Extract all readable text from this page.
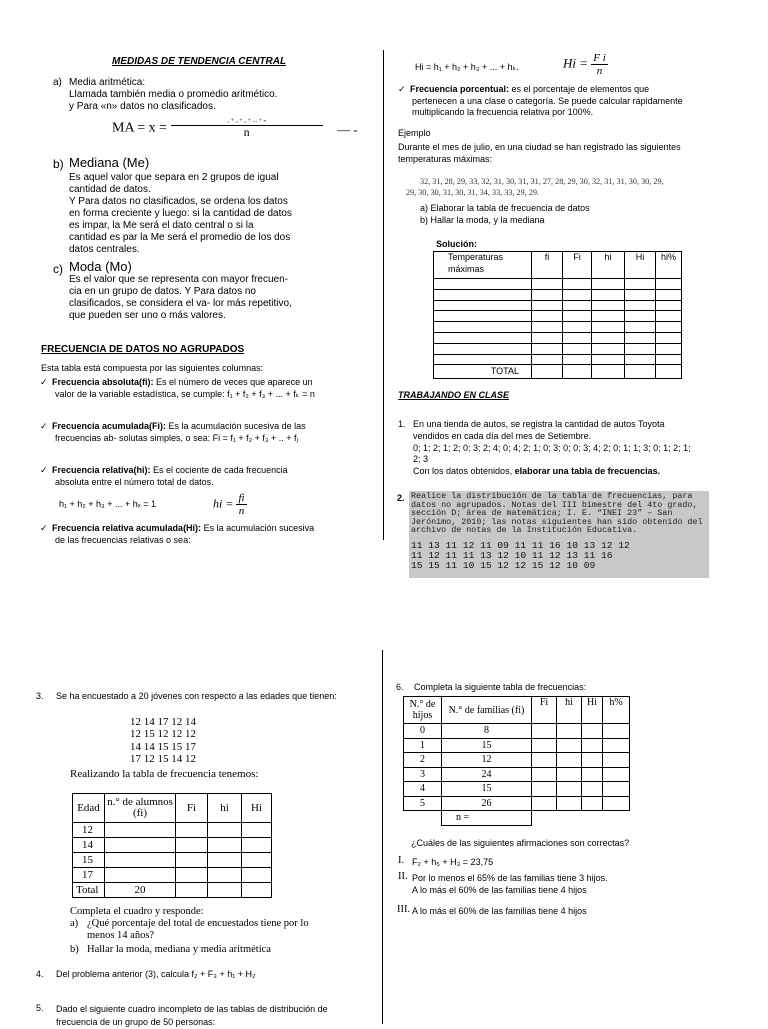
MEDIDAS DE TENDENCIA CENTRAL
a) Media aritmética:
Llamada también media o promedio aritmético.
y Para «n» datos no clasificados.
MA = $x = \frac{\text{₁ + ₂ + ₃ + ... + ₙ}}{n}$ — -
b) Mediana (Me)
Es aquel valor que separa en 2 grupos de igual
cantidad de datos.
Y Para datos no clasificados, se ordena los datos
en forma creciente y luego: si la cantidad de datos
es impar, la Me será el dato central o si la
cantidad es par la Me será el promedio de los dos
datos centrales.
c) Moda (Mo)
Es el valor que se representa con mayor frecuen-
cia en un grupo de datos. Y Para datos no
clasificados, se considera el va- lor más repetitivo,
que pueden ser uno o más valores.
FRECUENCIA DE DATOS NO AGRUPADOS
Esta tabla está compuesta por las siguientes columnas:
✓ Frecuencia absoluta(fi): Es el número de veces que aparece un
valor de la variable estadística, se cumple: f₁ + f₂ + f₃ + ... + fₖ = n
✓ Frecuencia acumulada(Fi): Es la acumulación sucesiva de las
frecuencias ab- solutas simples, o sea: Fi = f₁ + f₂ + f₃ + .. + fⱼ
✓ Frecuencia relativa(hi): Es el cociente de cada frecuencia
absoluta entre el número total de datos.
h₁ + h₂ + h₃ + ... + hₓ = 1	hi = $\frac{fi}{n}$
✓ Frecuencia relativa acumulada(Hi): Es la acumulación sucesiva
de las frecuencias relativas o sea:
Hi = h₁ + h₂ + h₃ + ... + hₖ.	$Hi = \frac{\text{F i}}{n}$
✓ Frecuencia porcentual: es el porcentaje de elementos que
pertenecen a una clase o categoría. Se puede calcular rápidamente
multiplicando la frecuencia relativa por 100%.
Ejemplo
Durante el mes de julio, en una ciudad se han registrado las siguientes
temperaturas máximas:
32, 31, 28, 29, 33, 32, 31, 30, 31, 31, 27, 28, 29, 30, 32, 31, 31, 30, 30, 29,
29, 30, 30, 31, 30, 31, 34, 33, 33, 29, 29.
a) Elaborar la tabla de frecuencia de datos
b) Hallar la moda, y la mediana
Solución:
Temperaturas máximas	fi	Fi	hi	Hi	hi%

TOTAL					
TRABAJANDO EN CLASE
1. En una tienda de autos, se registra la cantidad de autos Toyota
vendidos en cada día del mes de Setiembre.
0; 1; 2; 1; 2; 0; 3; 2; 4; 0; 4; 2; 1; 0; 3; 0; 0; 3; 4; 2; 0; 1; 1; 3; 0; 1; 2; 1;
2; 3
Con los datos obtenidos, elaborar una tabla de frecuencias.
2. Realice la distribución de la tabla de frecuencias, para
datos no agrupados. Notas del III bimestre del 4to grado,
sección D; área de matemática; I. E. “INEI 23” – San
Jerónimo, 2010; las notas siguientes han sido obtenido del
archivo de notas de la Institución Educativa.
11 13 11 12 11 09 11 11 16 10 13 12 12
11 12 11 11 13 12 10 11 12 13 11 16
15 15 11 10 15 12 12 15 12 10 09
3. Se ha encuestado a 20 jóvenes con respecto a las edades que tienen:
12 14 17 12 14
12 15 12 12 12
14 14 15 15 17
17 12 15 14 12
Realizando la tabla de frecuencia tenemos:
Edad	n.° de alumnos (fi)	Fi	hi	Hi
12				
14				
15				
17				
Total	20			
Completa el cuadro y responde:
a) ¿Qué porcentaje del total de encuestados tiene por lo
menos 14 años?
b) Hallar la moda, mediana y media aritmética
4. Del problema anterior (3), calcula f₂ + F₃ + h₁ + H₂
5. Dado el siguiente cuadro incompleto de las tablas de distribución de
frecuencia de un grupo de 50 personas:
6. Completa la siguiente tabla de frecuencias:
N.° de hijos	N.° de familias (fi)	Fi	hi	Hi	h%
0	8				
1	15				
2	12				
3	24				
4	15				
5	26				
	n =				
¿Cuáles de las siguientes afirmaciones son correctas?
I. F₂ + h₅ + H₃ = 23,75
II. Por lo menos el 65% de las familias tiene 3 hijos.
A lo más el 60% de las familias tiene 4 hijos
III. A lo más el 60% de las familias tiene 4 hijos
